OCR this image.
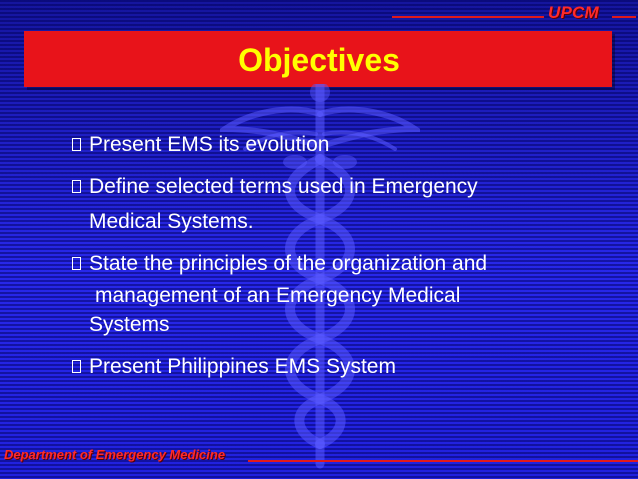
UPCM
Objectives
Present EMS its evolution
Define selected terms used in Emergency
Medical Systems.
State the principles of the organization and
management of an Emergency Medical
Systems
Present Philippines EMS System
Department of Emergency Medicine
